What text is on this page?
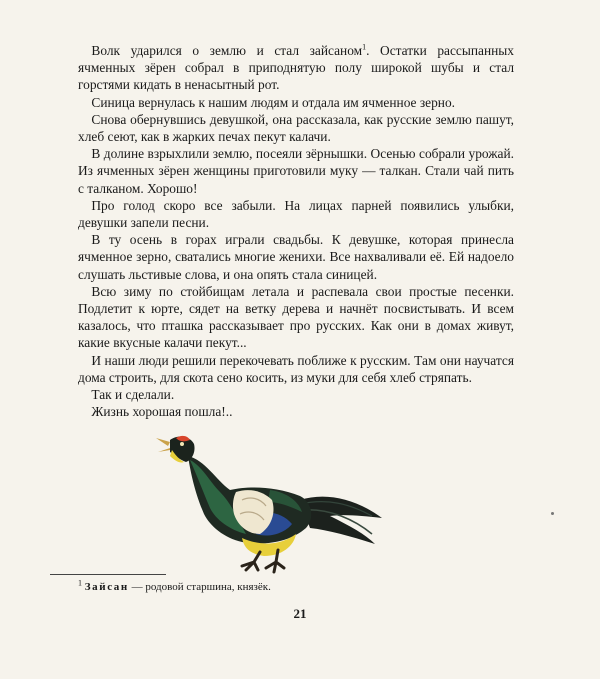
 Волк ударился о землю и стал зайсаном$^1$. Остатки рассыпанных ячменных зёрен собрал в приподнятую полу широкой шубы и стал горстями кидать в ненасытный рот.

 Синица вернулась к нашим людям и отдала им ячменное зерно.

 Снова обернувшись девушкой, она рассказала, как русские землю пашут, хлеб сеют, как в жарких печах пекут калачи.

 В долине взрыхлили землю, посеяли зёрнышки. Осенью собрали урожай. Из ячменных зёрен женщины приготовили муку — талкан. Стали чай пить с талканом. Хорошо!

 Про голод скоро все забыли. На лицах парней появились улыбки, девушки запели песни.

 В ту осень в горах играли свадьбы. К девушке, которая принесла ячменное зерно, сватались многие женихи. Все нахваливали её. Ей надоело слушать льстивые слова, и она опять стала синицей.

 Всю зиму по стойбищам летала и распевала свои простые песенки. Подлетит к юрте, сядет на ветку дерева и начнёт посвистывать. И всем казалось, что пташка рассказывает про русских. Как они в домах живут, какие вкусные калачи пекут...

 И наши люди решили перекочевать поближе к русским. Там они научатся дома строить, для скота сено косить, из муки для себя хлеб стряпать.

 Так и сделали.

 Жизнь хорошая пошла!..

$^1$ Зайсан — родовой старшина, князёк.
21
